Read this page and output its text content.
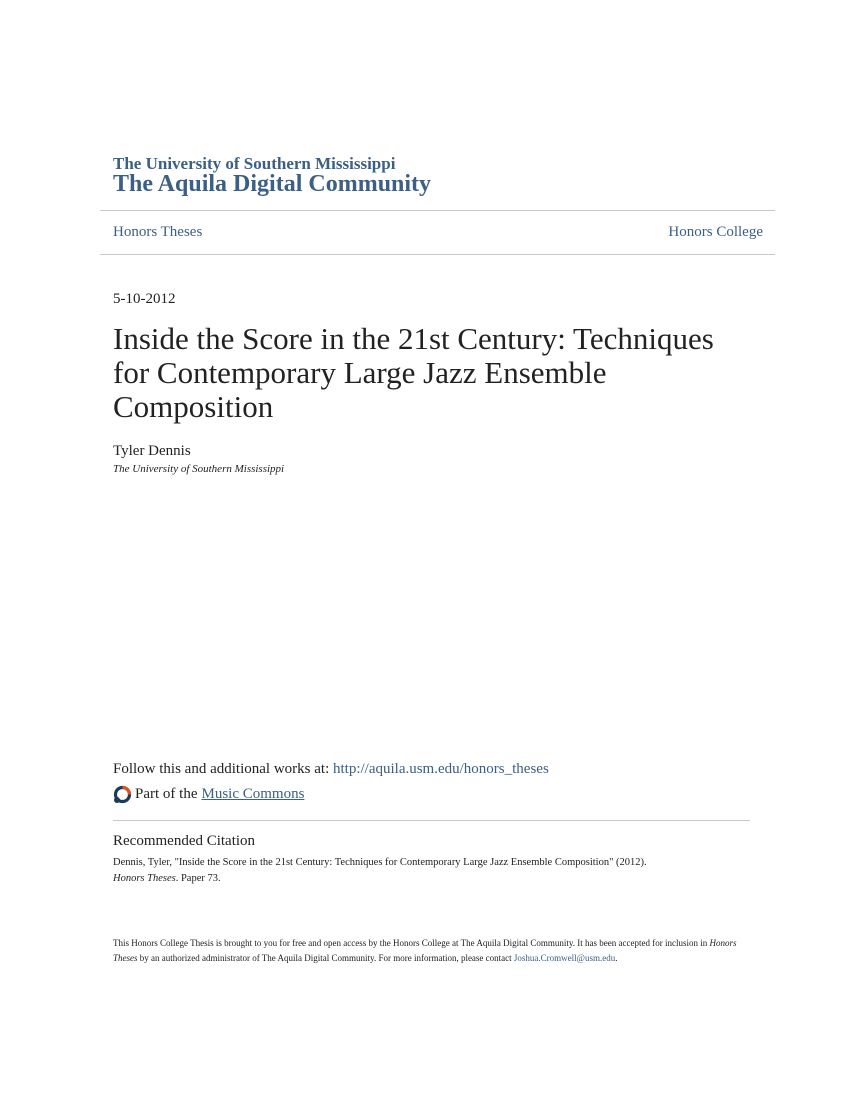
The University of Southern Mississippi
The Aquila Digital Community
Honors Theses	Honors College
5-10-2012
Inside the Score in the 21st Century: Techniques for Contemporary Large Jazz Ensemble Composition
Tyler Dennis
The University of Southern Mississippi
Follow this and additional works at: http://aquila.usm.edu/honors_theses
Part of the Music Commons
Recommended Citation
Dennis, Tyler, "Inside the Score in the 21st Century: Techniques for Contemporary Large Jazz Ensemble Composition" (2012).
Honors Theses. Paper 73.
This Honors College Thesis is brought to you for free and open access by the Honors College at The Aquila Digital Community. It has been accepted for inclusion in Honors Theses by an authorized administrator of The Aquila Digital Community. For more information, please contact Joshua.Cromwell@usm.edu.
